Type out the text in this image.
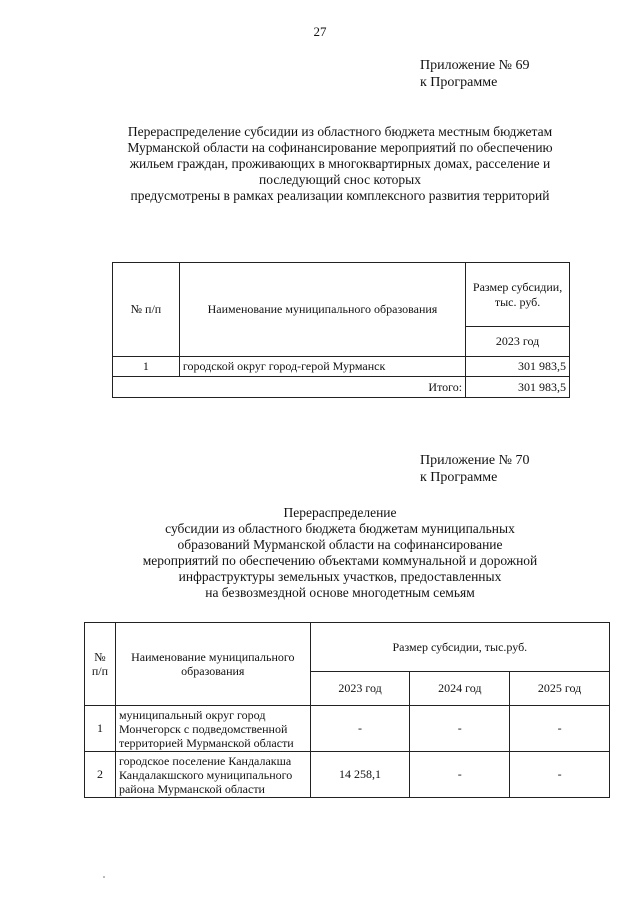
27
Приложение № 69
к Программе
Перераспределение субсидии из областного бюджета местным бюджетам
Мурманской области на софинансирование мероприятий по обеспечению
жильем граждан, проживающих в многоквартирных домах, расселение и
последующий снос которых
предусмотрены в рамках реализации комплексного развития территорий
№ п/п	Наименование муниципального образования	Размер субсидии, тыс. руб.
		2023 год
1	городской округ город-герой Мурманск	301 983,5
Итого:		301 983,5
Приложение № 70
к Программе
Перераспределение
субсидии из областного бюджета бюджетам муниципальных
образований Мурманской области на софинансирование
мероприятий по обеспечению объектами коммунальной и дорожной
инфраструктуры земельных участков, предоставленных
на безвозмездной основе многодетным семьям
№ п/п	Наименование муниципального образования	Размер субсидии, тыс.руб.		
		2023 год	2024 год	2025 год
1	муниципальный округ город Мончегорск с подведомственной территорией Мурманской области	-	-	-
2	городское поселение Кандалакша Кандалакшского муниципального района Мурманской области	14 258,1	-	-
